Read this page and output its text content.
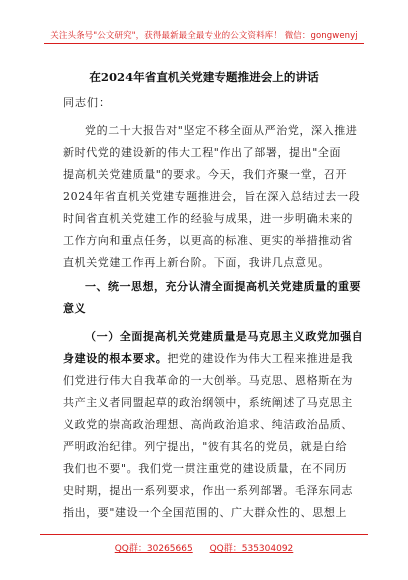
关注头条号"公文研究"，获得最新最全最专业的公文资料库！ 微信：gongwenyj
在2024年省直机关党建专题推进会上的讲话
同志们：
党的二十大报告对"坚定不移全面从严治党，深入推进
新时代党的建设新的伟大工程"作出了部署，提出"全面
提高机关党建质量"的要求。今天，我们齐聚一堂，召开
2024年省直机关党建专题推进会，旨在深入总结过去一段
时间省直机关党建工作的经验与成果，进一步明确未来的
工作方向和重点任务，以更高的标准、更实的举措推动省
直机关党建工作再上新台阶。下面，我讲几点意见。
一、统一思想，充分认清全面提高机关党建质量的重要
意义
（一）全面提高机关党建质量是马克思主义政党加强自
身建设的根本要求。把党的建设作为伟大工程来推进是我
们党进行伟大自我革命的一大创举。马克思、恩格斯在为
共产主义者同盟起草的政治纲领中，系统阐述了马克思主
义政党的崇高政治理想、高尚政治追求、纯洁政治品质、
严明政治纪律。列宁提出，"彼有其名的党员，就是白给
我们也不要"。我们党一贯注重党的建设质量，在不同历
史时期，提出一系列要求，作出一系列部署。毛泽东同志
指出，要"建设一个全国范围的、广大群众性的、思想上
QQ群：30265665 QQ群：535304092
